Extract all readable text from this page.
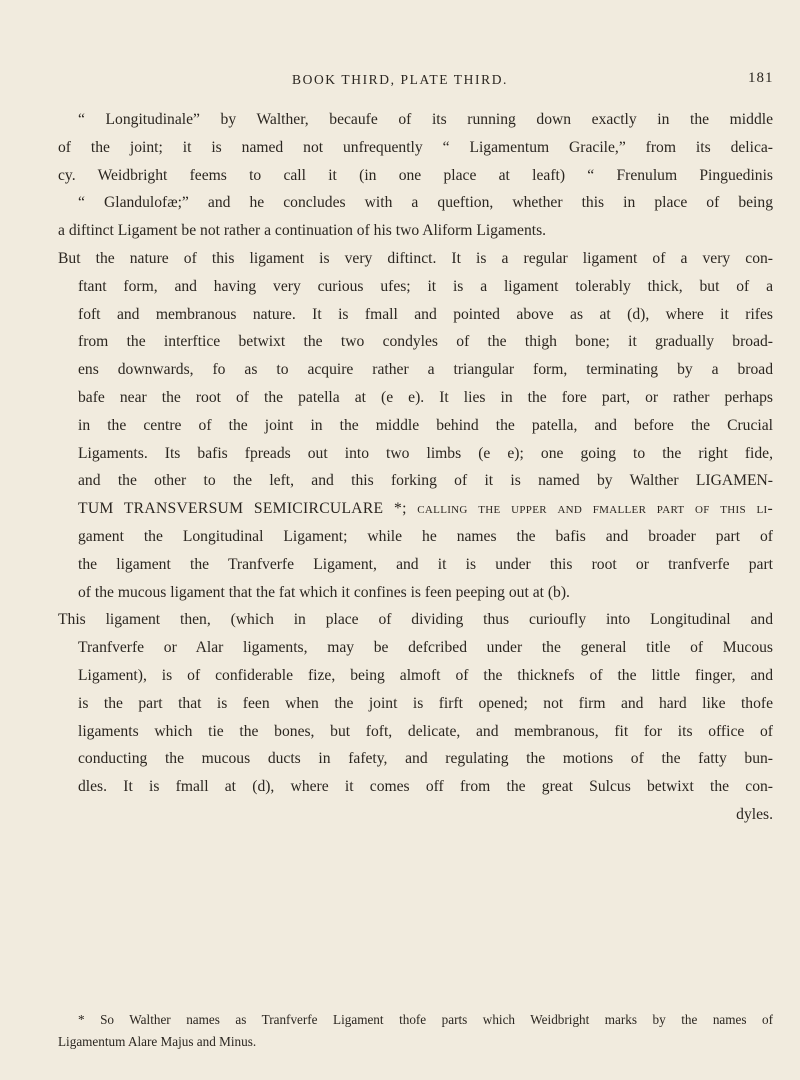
BOOK THIRD, PLATE THIRD.	181
“ Longitudinale” by Walther, becaufe of its running down exactly in the middle
of the joint; it is named not unfrequently “ Ligamentum Gracile,” from its delica-
cy. Weidbright feems to call it (in one place at leaft) “ Frenulum Pinguedinis
“ Glandulofæ;” and he concludes with a queftion, whether this in place of being
a diftinct Ligament be not rather a continuation of his two Aliform Ligaments.
But the nature of this ligament is very diftinct. It is a regular ligament of a very con-
ftant form, and having very curious ufes; it is a ligament tolerably thick, but of a
foft and membranous nature. It is fmall and pointed above as at (d), where it rifes
from the interftice betwixt the two condyles of the thigh bone; it gradually broad-
ens downwards, fo as to acquire rather a triangular form, terminating by a broad
bafe near the root of the patella at (e e). It lies in the fore part, or rather perhaps
in the centre of the joint in the middle behind the patella, and before the Crucial
Ligaments. Its bafis fpreads out into two limbs (e e); one going to the right fide,
and the other to the left, and this forking of it is named by Walther LIGAMEN-
TUM TRANSVERSUM SEMICIRCULARE *; calling the upper and fmaller part of this li-
gament the Longitudinal Ligament; while he names the bafis and broader part of
the ligament the Tranfverfe Ligament, and it is under this root or tranfverfe part
of the mucous ligament that the fat which it confines is feen peeping out at (b).
This ligament then, (which in place of dividing thus curioufly into Longitudinal and
Tranfverfe or Alar ligaments, may be defcribed under the general title of Mucous
Ligament), is of confiderable fize, being almoft of the thicknefs of the little finger, and
is the part that is feen when the joint is firft opened; not firm and hard like thofe
ligaments which tie the bones, but foft, delicate, and membranous, fit for its office of
conducting the mucous ducts in fafety, and regulating the motions of the fatty bun-
dles. It is fmall at (d), where it comes off from the great Sulcus betwixt the con-
dyles.
* So Walther names as Tranfverfe Ligament thofe parts which Weidbright marks by the names of
Ligamentum Alare Majus and Minus.
